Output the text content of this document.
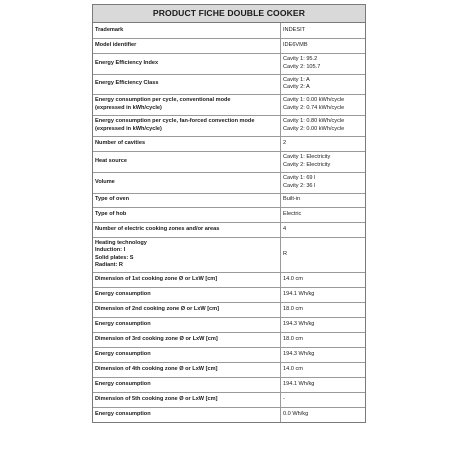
PRODUCT FICHE DOUBLE COOKER
Trademark	INDESIT

Model identifier	IDE6VMB

Energy Efficiency Index	Cavity 1: 95.2
Cavity 2: 105.7

Energy Efficiency Class	Cavity 1: A
Cavity 2: A

Energy consumption per cycle, conventional mode
(expressed in kWh/cycle)	Cavity 1: 0.00 kWh/cycle
Cavity 2: 0.74 kWh/cycle

Energy consumption per cycle, fan-forced convection mode
(expressed in kWh/cycle)	Cavity 1: 0.80 kWh/cycle
Cavity 2: 0.00 kWh/cycle

Number of cavities	2

Heat source	Cavity 1: Electricity
Cavity 2: Electricity

Volume	Cavity 1: 69 l
Cavity 2: 36 l

Type of oven	Built-in

Type of hob	Electric

Number of electric cooking zones and/or areas	4

Heating technology
Induction: I
Solid plates: S
Radiant: R	R

Dimension of 1st cooking zone Ø or LxW [cm]	14.0 cm

Energy consumption	194.1 Wh/kg

Dimension of 2nd cooking zone Ø or LxW [cm]	18.0 cm

Energy consumption	194.3 Wh/kg

Dimension of 3rd cooking zone Ø or LxW [cm]	18.0 cm

Energy consumption	194.3 Wh/kg

Dimension of 4th cooking zone Ø or LxW [cm]	14.0 cm

Energy consumption	194.1 Wh/kg

Dimension of 5th cooking zone Ø or LxW [cm]	-

Energy consumption	0.0 Wh/kg
